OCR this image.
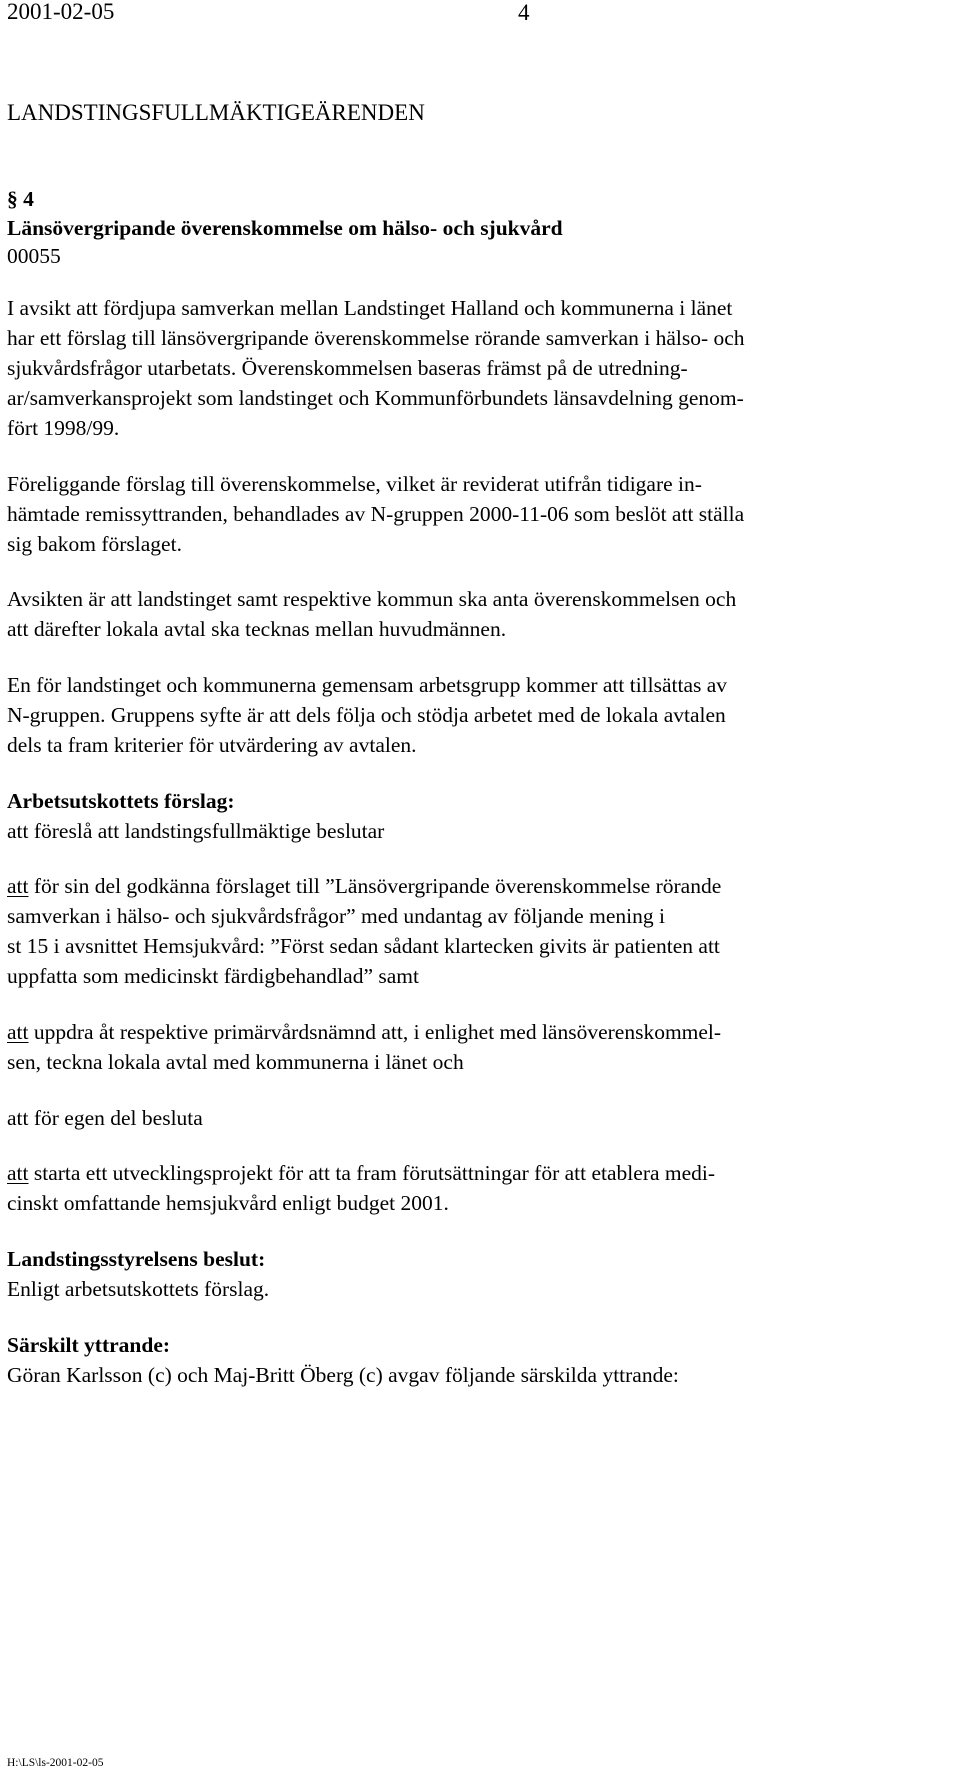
2001-02-05	4
LANDSTINGSFULLMÄKTIGEÄRENDEN
§ 4
Länsövergripande överenskommelse om hälso- och sjukvård
00055
I avsikt att fördjupa samverkan mellan Landstinget Halland och kommunerna i länet
har ett förslag till länsövergripande överenskommelse rörande samverkan i hälso- och
sjukvårdsfrågor utarbetats. Överenskommelsen baseras främst på de utredning-
ar/samverkansprojekt som landstinget och Kommunförbundets länsavdelning genom-
fört 1998/99.
Föreliggande förslag till överenskommelse, vilket är reviderat utifrån tidigare in-
hämtade remissyttranden, behandlades av N-gruppen 2000-11-06 som beslöt att ställa
sig bakom förslaget.
Avsikten är att landstinget samt respektive kommun ska anta överenskommelsen och
att därefter lokala avtal ska tecknas mellan huvudmännen.
En för landstinget och kommunerna gemensam arbetsgrupp kommer att tillsättas av
N-gruppen. Gruppens syfte är att dels följa och stödja arbetet med de lokala avtalen
dels ta fram kriterier för utvärdering av avtalen.
Arbetsutskottets förslag:
att föreslå att landstingsfullmäktige beslutar
att för sin del godkänna förslaget till ”Länsövergripande överenskommelse rörande
samverkan i hälso- och sjukvårdsfrågor” med undantag av följande mening i
st 15 i avsnittet Hemsjukvård: ”Först sedan sådant klartecken givits är patienten att
uppfatta som medicinskt färdigbehandlad” samt
att uppdra åt respektive primärvårdsnämnd att, i enlighet med länsöverenskommel-
sen, teckna lokala avtal med kommunerna i länet och
att för egen del besluta
att starta ett utvecklingsprojekt för att ta fram förutsättningar för att etablera medi-
cinskt omfattande hemsjukvård enligt budget 2001.
Landstingsstyrelsens beslut:
Enligt arbetsutskottets förslag.
Särskilt yttrande:
Göran Karlsson (c) och Maj-Britt Öberg (c) avgav följande särskilda yttrande:
H:\LS\ls-2001-02-05
